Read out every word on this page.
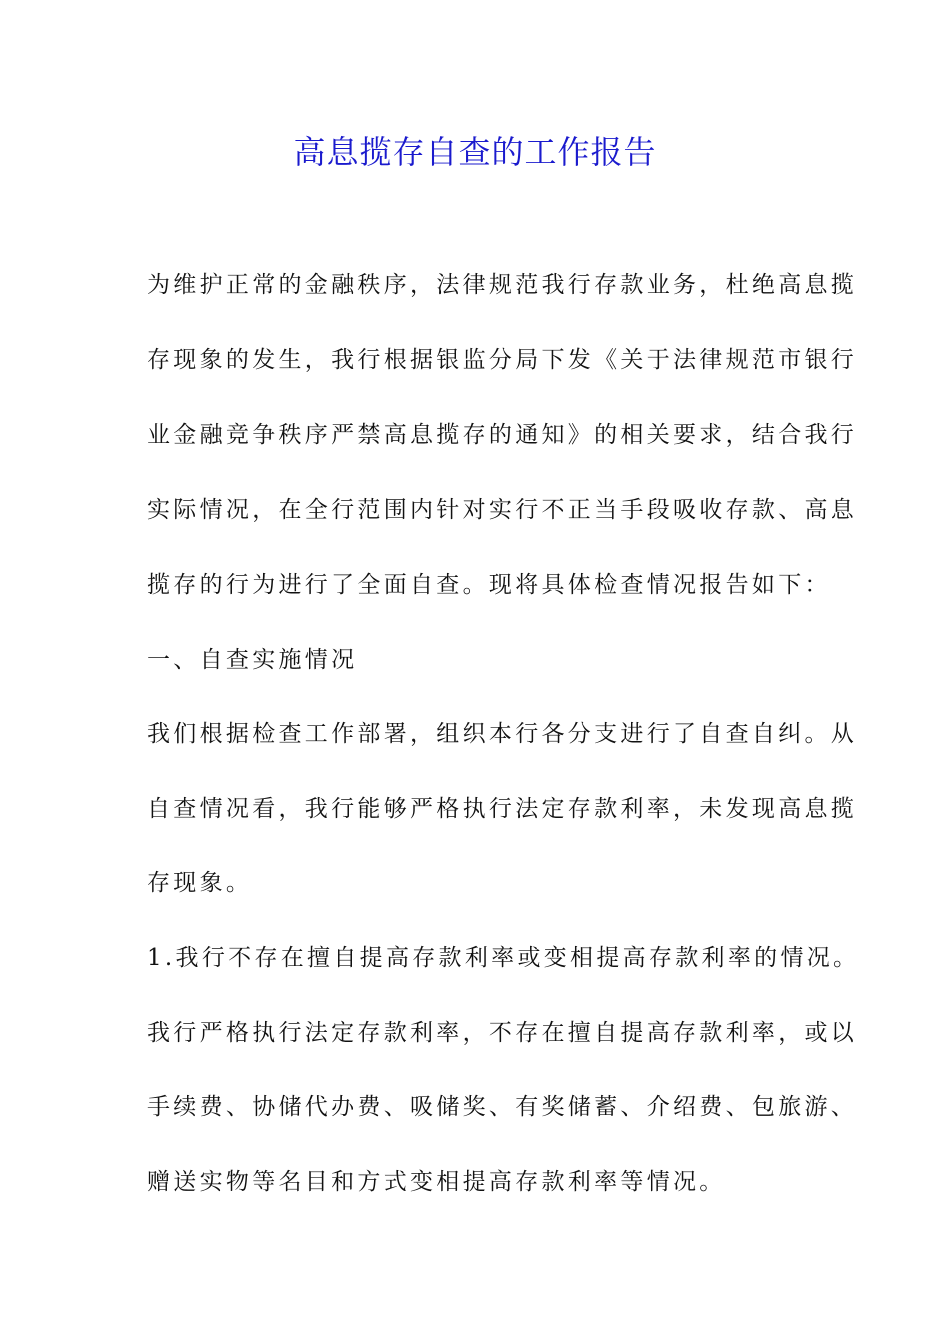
高息揽存自查的工作报告
为维护正常的金融秩序，法律规范我行存款业务，杜绝高息揽
存现象的发生，我行根据银监分局下发《关于法律规范市银行
业金融竞争秩序严禁高息揽存的通知》的相关要求，结合我行
实际情况，在全行范围内针对实行不正当手段吸收存款、高息
揽存的行为进行了全面自查。现将具体检查情况报告如下：
一、自查实施情况
我们根据检查工作部署，组织本行各分支进行了自查自纠。从
自查情况看，我行能够严格执行法定存款利率，未发现高息揽
存现象。
1.我行不存在擅自提高存款利率或变相提高存款利率的情况。
我行严格执行法定存款利率，不存在擅自提高存款利率，或以
手续费、协储代办费、吸储奖、有奖储蓄、介绍费、包旅游、
赠送实物等名目和方式变相提高存款利率等情况。
